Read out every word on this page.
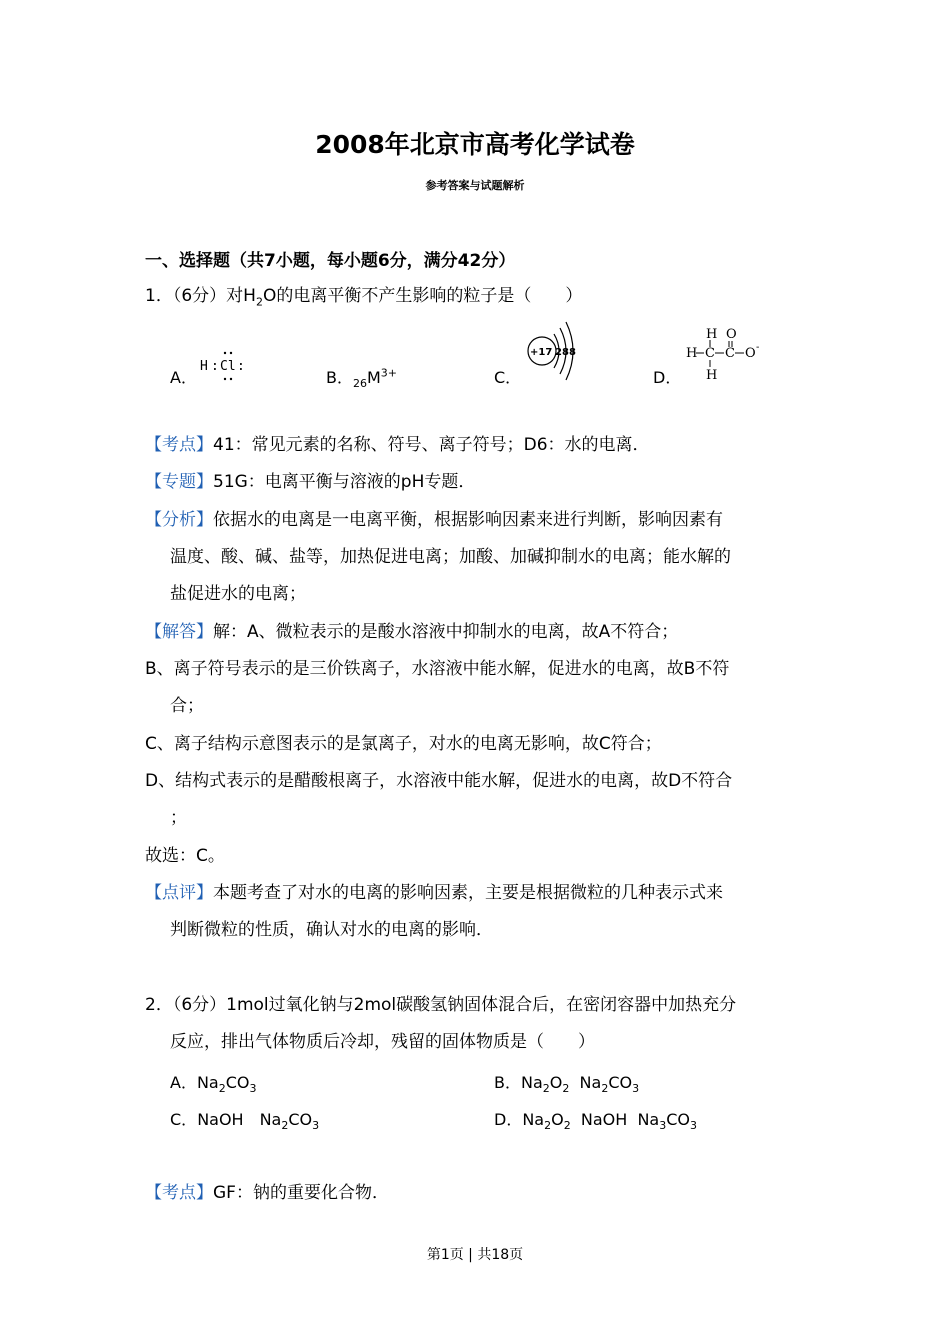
2008年北京市高考化学试卷
参考答案与试题解析
一、选择题（共7小题，每小题6分，满分42分）
1．（6分）对$H_2O$的电离平衡不产生影响的粒子是（　　）
A．
H : Cl :
B．$_{26}M^{3+}$	C．
+17 2 8 8
D．
H
H C C
O
O -
H
【考点】41：常见元素的名称、符号、离子符号；D6：水的电离．
【专题】51G：电离平衡与溶液的pH专题．
【分析】依据水的电离是一电离平衡，根据影响因素来进行判断，影响因素有
温度、酸、碱、盐等，加热促进电离；加酸、加碱抑制水的电离；能水解的
盐促进水的电离；
【解答】解：A、微粒表示的是酸水溶液中抑制水的电离，故A不符合；
B、离子符号表示的是三价铁离子，水溶液中能水解，促进水的电离，故B不符
合；
C、离子结构示意图表示的是氯离子，对水的电离无影响，故C符合；
D、结构式表示的是醋酸根离子，水溶液中能水解，促进水的电离，故D不符合
；
故选：C。
【点评】本题考查了对水的电离的影响因素，主要是根据微粒的几种表示式来
判断微粒的性质，确认对水的电离的影响．
2．（6分）1mol过氧化钠与2mol碳酸氢钠固体混合后，在密闭容器中加热充分
反应，排出气体物质后冷却，残留的固体物质是（　　）
A．$Na_2CO_3$	B．$Na_2O_2$  $Na_2CO_3$
C．NaOH　$Na_2CO_3$	D．$Na_2O_2$  NaOH  $Na_3CO_3$
【考点】GF：钠的重要化合物．
第1页 | 共18页
